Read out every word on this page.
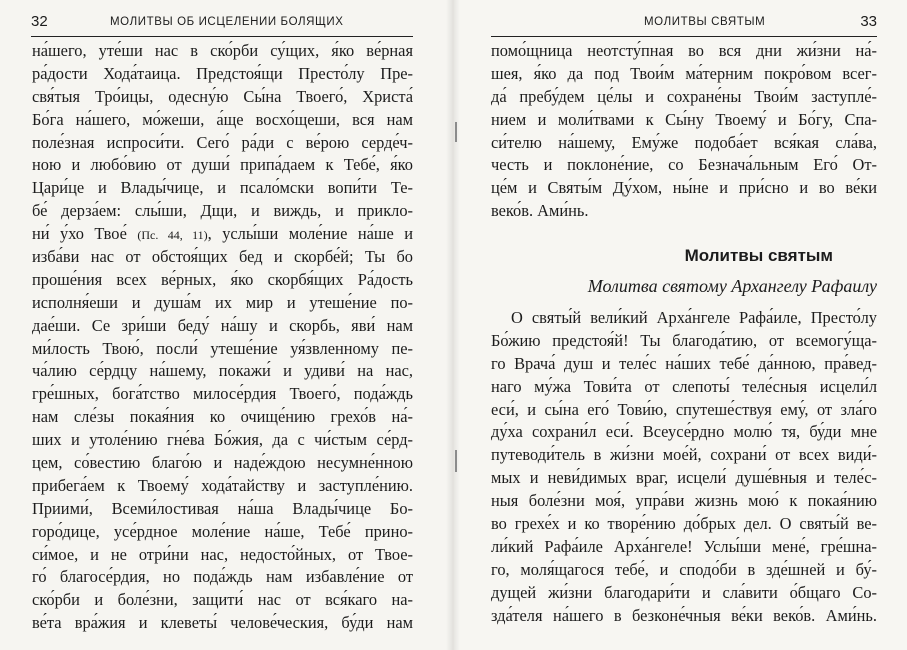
32	МОЛИТВЫ ОБ ИСЦЕЛЕНИИ БОЛЯЩИХ	МОЛИТВЫ СВЯТЫМ	33
на́шего, уте́ши нас в ско́рби су́щих, я́ко ве́рная
ра́дости Хода́таица. Предстоя́щи Престо́лу Пре-
свя́тыя Тро́ицы, одесну́ю Сы́на Твоего́, Христа́
Бо́га на́шего, мо́жеши, а́ще восхо́щеши, вся нам
поле́зная испроси́ти. Сего́ ра́ди с ве́рою серде́ч-
ною и любо́вию от души́ припа́даем к Тебе́, я́ко
Цари́це и Влады́чице, и псало́мски вопи́ти Те-
бе́ дерза́ем: слы́ши, Дщи, и виждь, и прикло-
ни́ у́хо Твое́ (Пс. 44, 11), услы́ши моле́ние на́ше и
изба́ви нас от обстоя́щих бед и скорбе́й; Ты бо
проше́ния всех ве́рных, я́ко скорбя́щих Ра́дость
исполня́еши и душа́м их мир и утеше́ние по-
дае́ши. Се зри́ши беду́ на́шу и скорбь, яви́ нам
ми́лость Твою́, посли́ утеше́ние уя́звленному пе-
ча́лию се́рдцу на́шему, покажи́ и удиви́ на нас,
гре́шных, бога́тство милосе́рдия Твоего́, пода́ждь
нам сле́зы покая́ния ко очище́нию грехо́в на́-
ших и утоле́нию гне́ва Бо́жия, да с чи́стым се́рд-
цем, со́вестию благо́ю и наде́ждою несумне́нною
прибега́ем к Твоему́ хода́тайству и заступле́нию.
Приими́, Всеми́лостивая на́ша Влады́чице Бо-
горо́дице, усе́рдное моле́ние на́ше, Тебе́ прино-
си́мое, и не отри́ни нас, недосто́йных, от Твое-
го́ благосе́рдия, но пода́ждь нам избавле́ние от
ско́рби и боле́зни, защити́ нас от вся́каго на-
ве́та вра́жия и клеветы́ челове́ческия, бу́ди нам
помо́щница неотсту́пная во вся дни жи́зни на́-
шея, я́ко да под Твои́м ма́терним покро́вом всег-
да́ пребу́дем це́лы и сохране́ны Твои́м заступле́-
нием и моли́твами к Сы́ну Твоему́ и Бо́гу, Спа-
си́телю на́шему, Ему́же подоба́ет вся́кая сла́ва,
честь и поклоне́ние, со Безнача́льным Его́ От-
це́м и Святы́м Ду́хом, ны́не и при́сно и во ве́ки
веко́в. Ами́нь.
Молитвы святым
Молитва святому Архангелу Рафаилу
О святы́й вели́кий Арха́нгеле Рафа́иле, Престо́лу
Бо́жию предстоя́й! Ты благода́тию, от всемогу́ща-
го Врача́ душ и теле́с на́ших тебе́ да́нною, пра́вед-
наго му́жа Тови́та от слепоты́ теле́сныя исцели́л
еси́, и сы́на его́ Тови́ю, спутеше́ствуя ему́, от зла́го
ду́ха сохрани́л еси́. Всеусе́рдно молю́ тя, бу́ди мне
путеводи́тель в жи́зни мое́й, сохрани́ от всех види́-
мых и неви́димых враг, исцели́ душе́вныя и теле́с-
ныя боле́зни моя́, упра́ви жизнь мою́ к покая́нию
во грехе́х и ко творе́нию до́брых дел. О святы́й ве-
ли́кий Рафа́иле Арха́нгеле! Услы́ши мене́, гре́шна-
го, моля́щагося тебе́, и сподо́би в зде́шней и бу́-
дущей жи́зни благодари́ти и сла́вити о́бщаго Со-
зда́теля на́шего в безконе́чныя ве́ки веко́в. Ами́нь.
